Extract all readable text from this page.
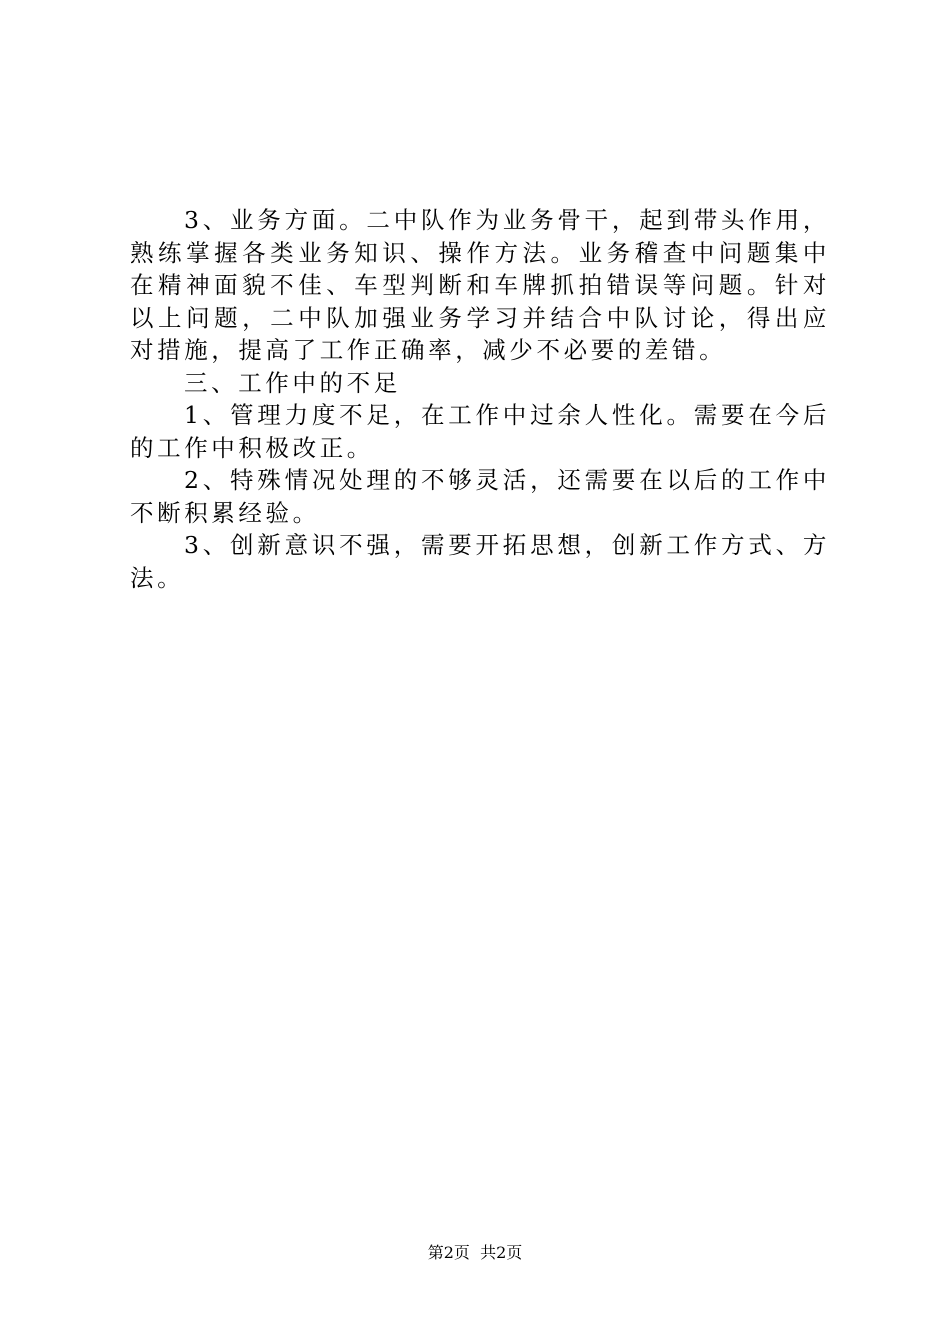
3、业务方面。二中队作为业务骨干，起到带头作用，熟练掌握各类业务知识、操作方法。业务稽查中问题集中在精神面貌不佳、车型判断和车牌抓拍错误等问题。针对以上问题，二中队加强业务学习并结合中队讨论，得出应对措施，提高了工作正确率，减少不必要的差错。

三、工作中的不足

1、管理力度不足，在工作中过余人性化。需要在今后的工作中积极改正。

2、特殊情况处理的不够灵活，还需要在以后的工作中不断积累经验。

3、创新意识不强，需要开拓思想，创新工作方式、方法。

第2页  共2页
